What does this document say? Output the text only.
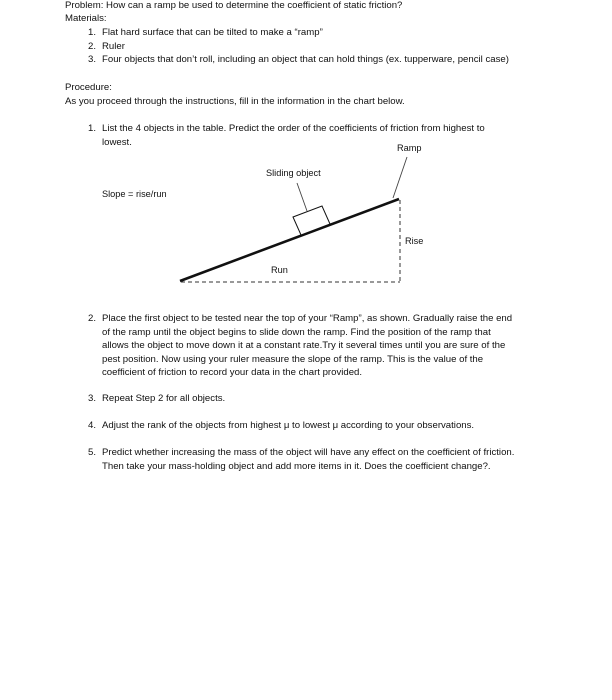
Problem: How can a ramp be used to determine the coefficient of static friction?
Materials:
1. Flat hard surface that can be tilted to make a “ramp”
2. Ruler
3. Four objects that don’t roll, including an object that can hold things (ex. tupperware, pencil case)
Procedure:
As you proceed through the instructions, fill in the information in the chart below.
1. List the 4 objects in the table. Predict the order of the coefficients of friction from highest to
lowest.
Ramp
Sliding object
Slope = rise/run
Rise
Run
2. Place the first object to be tested near the top of your “Ramp”, as shown. Gradually raise the end
of the ramp until the object begins to slide down the ramp. Find the position of the ramp that
allows the object to move down it at a constant rate.Try it several times until you are sure of the
pest position. Now using your ruler measure the slope of the ramp. This is the value of the
coefficient of friction to record your data in the chart provided.
3. Repeat Step 2 for all objects.
4. Adjust the rank of the objects from highest μ to lowest μ according to your observations.
5. Predict whether increasing the mass of the object will have any effect on the coefficient of friction.
Then take your mass-holding object and add more items in it. Does the coefficient change?.
